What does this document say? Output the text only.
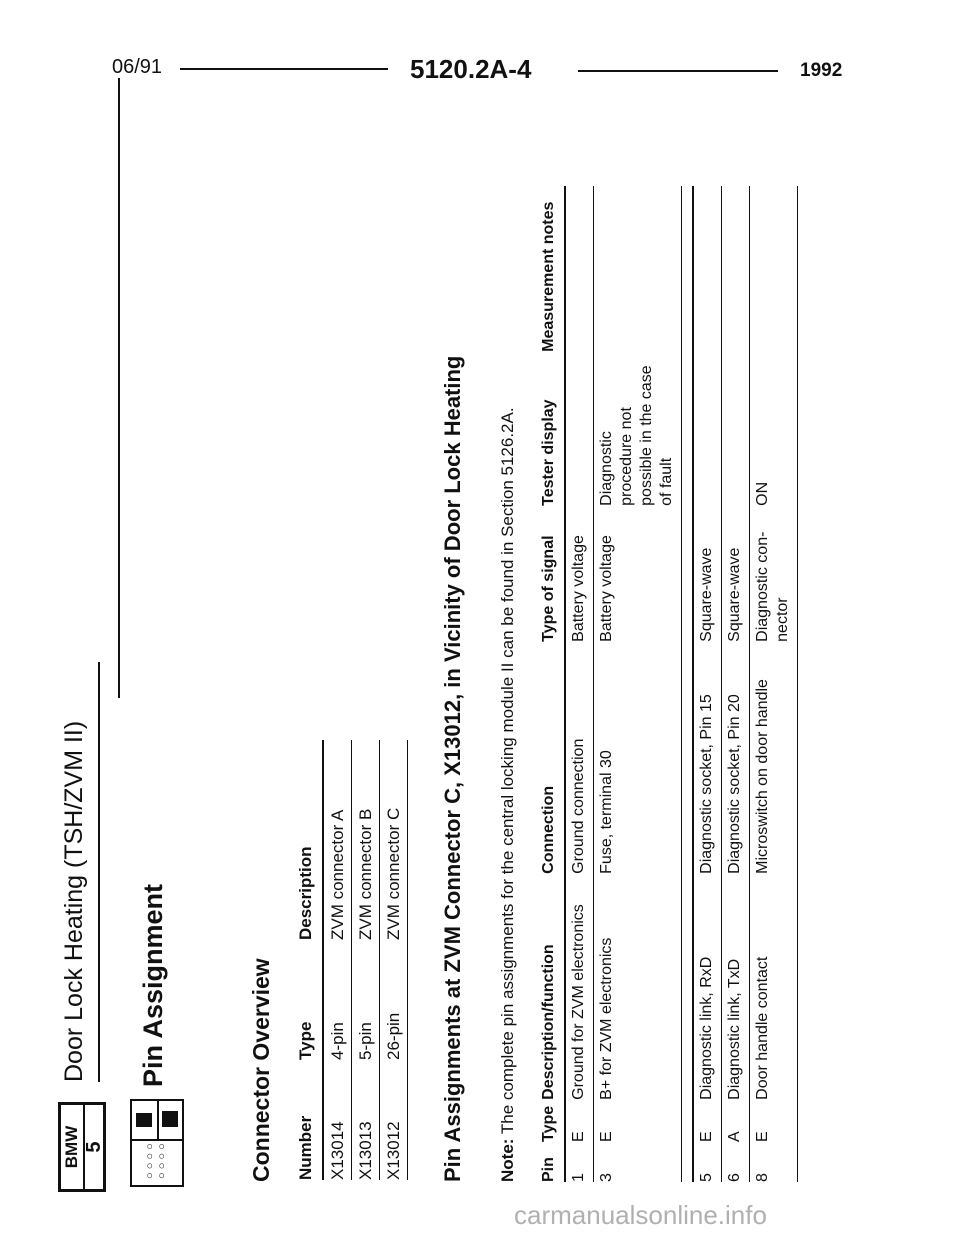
06/91	5120.2A-4	1992
BMW 5
Door Lock Heating (TSH/ZVM II)
○ ○ ○ ○
○ ○ ○ ○
Pin Assignment	Connector Overview Number	Type	Description
X13014	4-pin	ZVM connector A
X13013	5-pin	ZVM connector B
X13012	26-pin	ZVM connector C Pin Assignments at ZVM Connector C, X13012, in Vicinity of Door Lock Heating Note: The complete pin assignments for the central locking module II can be found in Section 5126.2A.
Pin	Type	Description/function	Connection	Type of signal	Tester display	Measurement notes
1	E	Ground for ZVM electronics	Ground connection	Battery voltage		
3	E	B+ for ZVM electronics	Fuse, terminal 30	Battery voltage	Diagnostic procedure not possible in the case of fault	

5	E	Diagnostic link, RxD	Diagnostic socket, Pin 15	Square-wave		
6	A	Diagnostic link, TxD	Diagnostic socket, Pin 20	Square-wave		
8	E	Door handle contact	Microswitch on door handle	Diagnostic con- nector	ON	
carmanualsonline.info
